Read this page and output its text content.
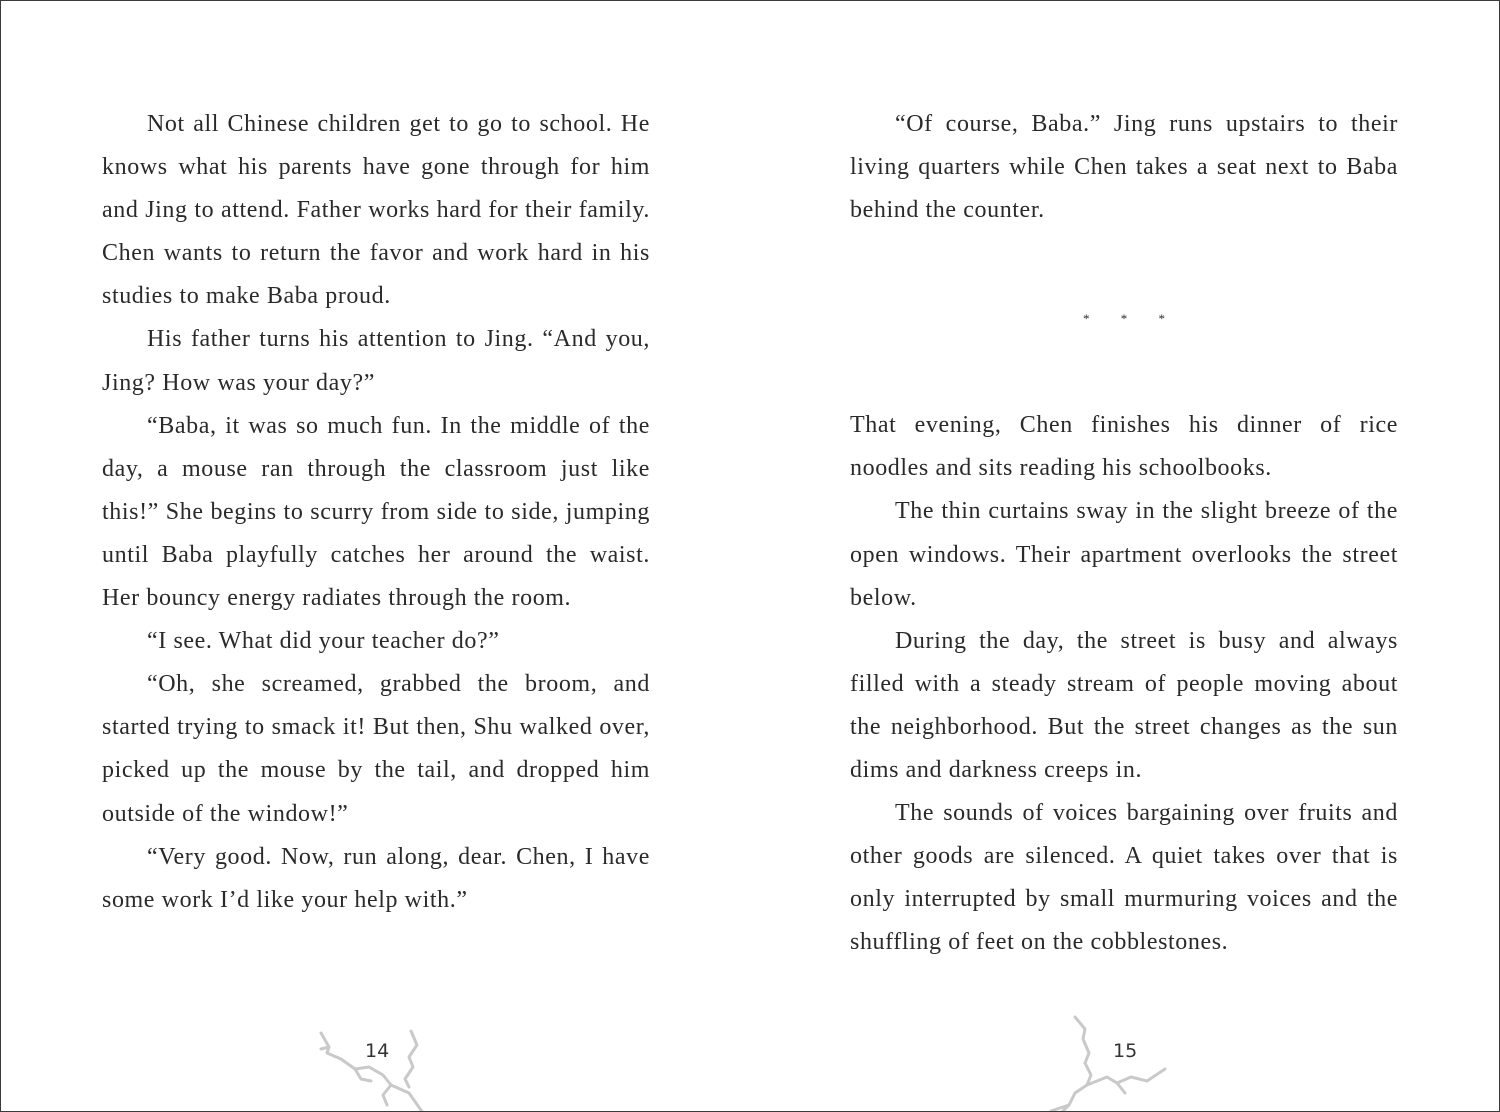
Not all Chinese children get to go to school. He knows what his parents have gone through for him and Jing to attend. Father works hard for their family. Chen wants to return the favor and work hard in his studies to make Baba proud.

His father turns his attention to Jing. “And you, Jing? How was your day?”

“Baba, it was so much fun. In the middle of the day, a mouse ran through the classroom just like this!” She begins to scurry from side to side, jumping until Baba playfully catches her around the waist. Her bouncy energy radiates through the room.

“I see. What did your teacher do?”

“Oh, she screamed, grabbed the broom, and started trying to smack it! But then, Shu walked over, picked up the mouse by the tail, and dropped him outside of the window!”

“Very good. Now, run along, dear. Chen, I have some work I’d like your help with.”

“Of course, Baba.” Jing runs upstairs to their living quarters while Chen takes a seat next to Baba behind the counter.

* * *

That evening, Chen finishes his dinner of rice noodles and sits reading his schoolbooks.

The thin curtains sway in the slight breeze of the open windows. Their apartment overlooks the street below.

During the day, the street is busy and always filled with a steady stream of people moving about the neighborhood. But the street changes as the sun dims and darkness creeps in.

The sounds of voices bargaining over fruits and other goods are silenced. A quiet takes over that is only interrupted by small murmuring voices and the shuffling of feet on the cobblestones.

14	15
